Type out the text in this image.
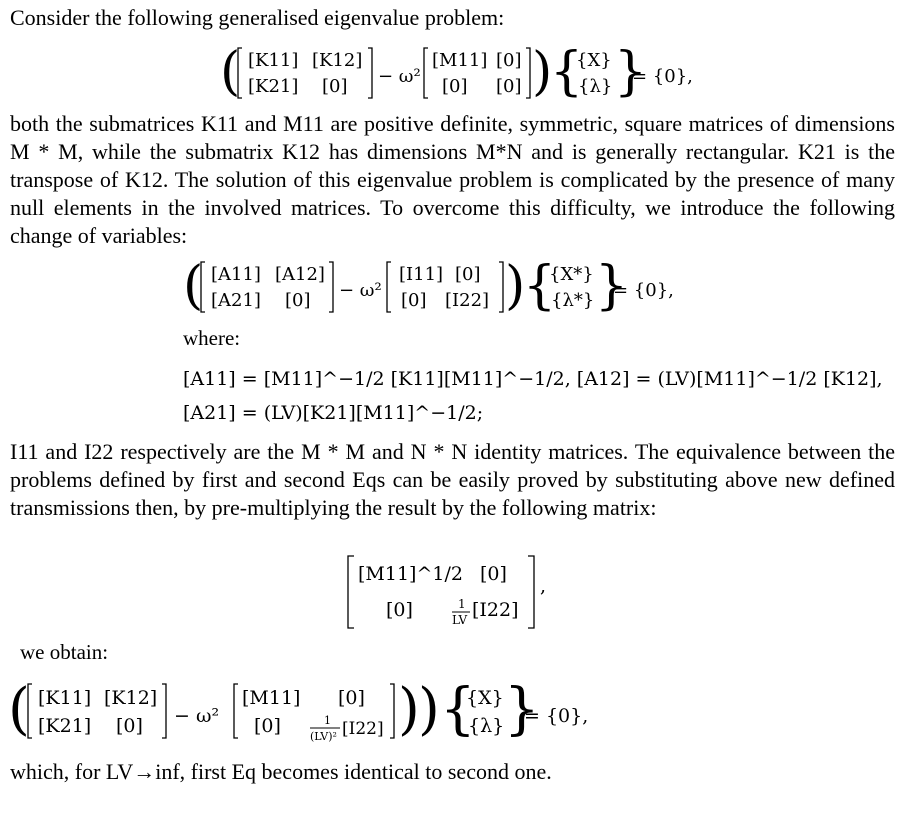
Consider the following generalised eigenvalue problem:

( [K11] [K12]
[K21] [0] − ω²
[M11] [0]
[0] [0] )
{
{X}
{λ} }
= {0},

both the submatrices K11 and M11 are positive definite, symmetric, square matrices of dimensions M * M, while the submatrix K12 has dimensions M*N and is generally rectangular. K21 is the transpose of K12. The solution of this eigenvalue problem is complicated by the presence of many null elements in the involved matrices. To overcome this difficulty, we introduce the following change of variables:

( [A11] [A12]
[A21] [0] − ω²
[I11] [0]
[0] [I22] )
{
{X*}
{λ*} }
= {0},

where:

[A11] = [M11]^−1/2 [K11][M11]^−1/2, [A12] = (LV)[M11]^−1/2 [K12],
[A21] = (LV)[K21][M11]^−1/2;

I11 and I22 respectively are the M * M and N * N identity matrices. The equivalence between the problems defined by first and second Eqs can be easily proved by substituting above new defined transmissions then, by pre-multiplying the result by the following matrix:

[M11]^1/2 [0]
[0]	1
LV [I22]
,

we obtain:

( [K11] [K12]
[K21] [0] − ω²
[M11] [0]
[0]	1
(LV)² [I22] )
) {
{X}
{λ} }
= {0},

which, for LV→inf, first Eq becomes identical to second one.
